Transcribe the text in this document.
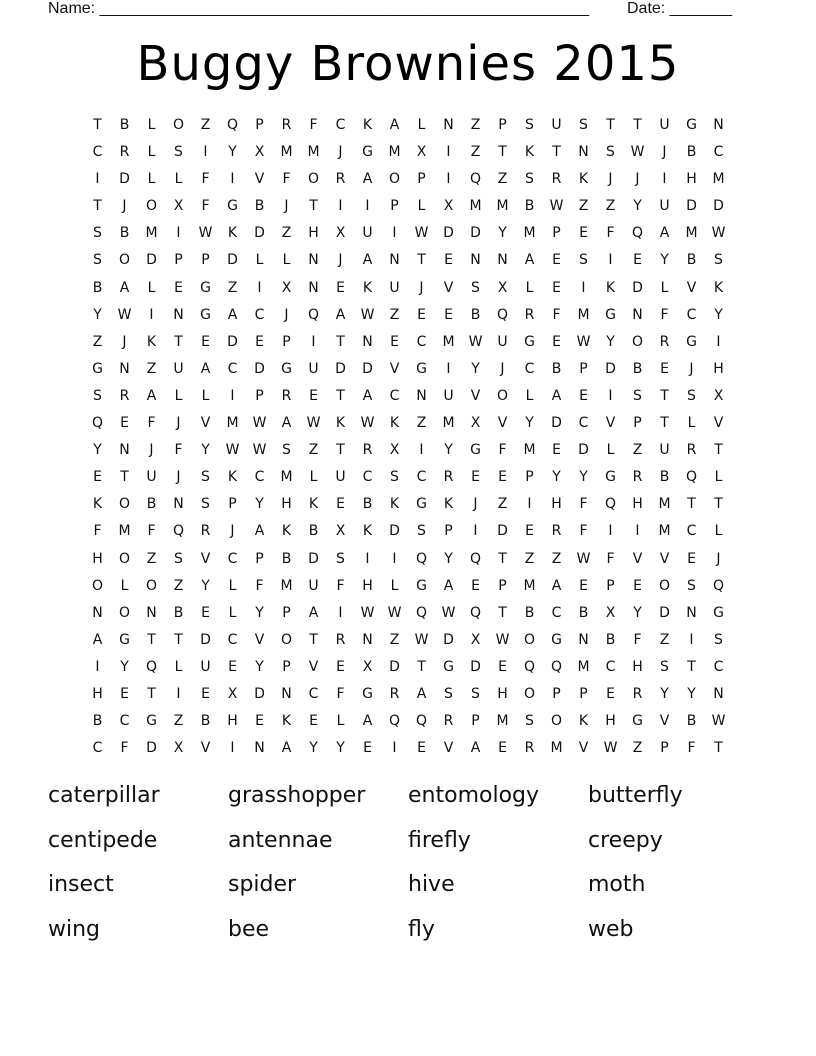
Name: _______________________________________________________ Date: _______
Buggy Brownies 2015
T	B	L	O	Z	Q	P	R	F	C	K	A	L	N	Z	P	S	U	S	T	T	U	G	N
C	R	L	S	I	Y	X	M	M	J	G	M	X	I	Z	T	K	T	N	S	W	J	B	C
I	D	L	L	F	I	V	F	O	R	A	O	P	I	Q	Z	S	R	K	J	J	I	H	M
T	J	O	X	F	G	B	J	T	I	I	P	L	X	M	M	B	W	Z	Z	Y	U	D	D
S	B	M	I	W	K	D	Z	H	X	U	I	W	D	D	Y	M	P	E	F	Q	A	M	W
S	O	D	P	P	D	L	L	N	J	A	N	T	E	N	N	A	E	S	I	E	Y	B	S
B	A	L	E	G	Z	I	X	N	E	K	U	J	V	S	X	L	E	I	K	D	L	V	K
Y	W	I	N	G	A	C	J	Q	A	W	Z	E	E	B	Q	R	F	M	G	N	F	C	Y
Z	J	K	T	E	D	E	P	I	T	N	E	C	M	W	U	G	E	W	Y	O	R	G	I
G	N	Z	U	A	C	D	G	U	D	D	V	G	I	Y	J	C	B	P	D	B	E	J	H
S	R	A	L	L	I	P	R	E	T	A	C	N	U	V	O	L	A	E	I	S	T	S	X
Q	E	F	J	V	M	W	A	W	K	W	K	Z	M	X	V	Y	D	C	V	P	T	L	V
Y	N	J	F	Y	W W	S	Z	T	R	X	I	Y	G	F	M	E	D	L	Z	U	R	T
E	T	U	J	S	K	C	M	L	U	C	S	C	R	E	E	P	Y	Y	G	R	B	Q	L
K	O	B	N	S	P	Y	H	K	E	B	K	G	K	J	Z	I	H	F	Q	H	M	T	T
F	M	F	Q	R	J	A	K	B	X	K	D	S	P	I	D	E	R	F	I	I	M	C	L
H	O	Z	S	V	C	P	B	D	S	I	I	Q	Y	Q	T	Z	Z	W	F	V	V	E	J
O	L	O	Z	Y	L	F	M	U	F	H	L	G	A	E	P	M	A	E	P	E	O	S	Q
N	O	N	B	E	L	Y	P	A	I	W W	Q	W	Q	T	B	C	B	X	Y	D	N	G
A	G	T	T	D	C	V	O	T	R	N	Z	W	D	X	W	O	G	N	B	F	Z	I	S
I	Y	Q	L	U	E	Y	P	V	E	X	D	T	G	D	E	Q	Q	M	C	H	S	T	C
H	E	T	I	E	X	D	N	C	F	G	R	A	S	S	H	O	P	P	E	R	Y	Y	N
B	C	G	Z	B	H	E	K	E	L	A	Q	Q	R	P	M	S	O	K	H	G	V	B	W
C	F	D	X	V	I	N	A	Y	Y	E	I	E	V	A	E	R	M	V	W	Z	P	F	T
caterpillar	grasshopper	entomology	butterfly
centipede	antennae	firefly	creepy
insect	spider	hive	moth
wing	bee	fly	web
